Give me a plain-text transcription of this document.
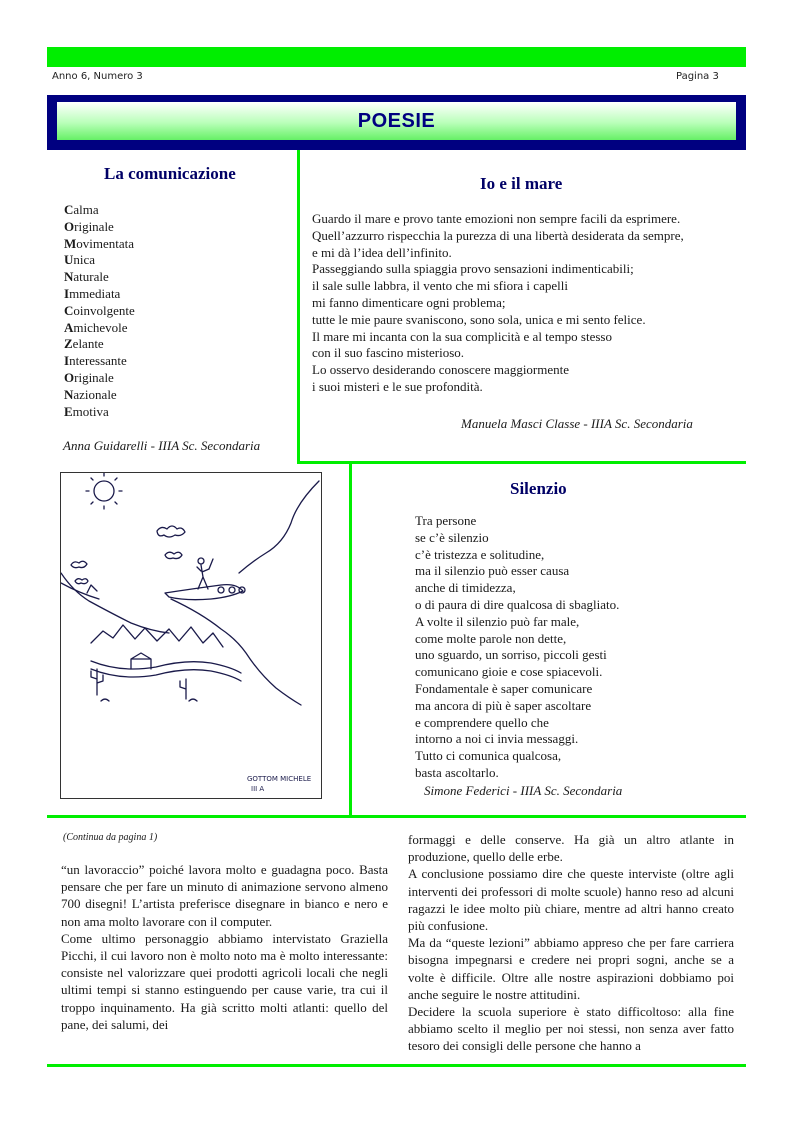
Anno 6, Numero 3	Pagina 3
POESIE
La comunicazione
Calma
Originale
Movimentata
Unica
Naturale
Immediata
Coinvolgente
Amichevole
Zelante
Interessante
Originale
Nazionale
Emotiva
Anna Guidarelli - IIIA Sc. Secondaria
Io e il mare
Guardo il mare e provo tante emozioni non sempre facili da esprimere.
Quell’azzurro rispecchia la purezza di una libertà desiderata da sempre,
e mi dà l’idea dell’infinito.
Passeggiando sulla spiaggia provo sensazioni indimenticabili;
il sale sulle labbra, il vento che mi sfiora i capelli
mi fanno dimenticare ogni problema;
tutte le mie paure svaniscono, sono sola, unica e mi sento felice.
Il mare mi incanta con la sua complicità e al tempo stesso
con il suo fascino misterioso.
Lo osservo desiderando conoscere maggiormente
i suoi misteri e le sue profondità.
Manuela Masci Classe - IIIA Sc. Secondaria
GOTTOM MICHELE
III A
Silenzio
Tra persone
se c’è silenzio
c’è tristezza e solitudine,
ma il silenzio può esser causa
anche di timidezza,
o di paura di dire qualcosa di sbagliato.
A volte il silenzio può far male,
come molte parole non dette,
uno sguardo, un sorriso, piccoli gesti
comunicano gioie e cose spiacevoli.
Fondamentale è saper comunicare
ma ancora di più è saper ascoltare
e comprendere quello che
intorno a noi ci invia messaggi.
Tutto ci comunica qualcosa,
basta ascoltarlo.
Simone Federici - IIIA Sc. Secondaria
(Continua da pagina 1)

“un lavoraccio” poiché lavora molto e guadagna poco. Basta pensare che per fare un minuto di animazione servono almeno 700 disegni! L’artista preferisce disegnare in bianco e nero e non ama molto lavorare con il computer.

Come ultimo personaggio abbiamo intervistato Graziella Picchi, il cui lavoro non è molto noto ma è molto interessante: consiste nel valorizzare quei prodotti agricoli locali che negli ultimi tempi si stanno estinguendo per cause varie, tra cui il troppo inquinamento. Ha già scritto molti atlanti: quello del pane, dei salumi, dei

formaggi e delle conserve. Ha già un altro atlante in produzione, quello delle erbe.

A conclusione possiamo dire che queste interviste (oltre agli interventi dei professori di molte scuole) hanno reso ad alcuni ragazzi le idee molto più chiare, mentre ad altri hanno creato più confusione.

Ma da “queste lezioni” abbiamo appreso che per fare carriera bisogna impegnarsi e credere nei propri sogni, anche se a volte è difficile. Oltre alle nostre aspirazioni dobbiamo poi anche seguire le nostre attitudini.

Decidere la scuola superiore è stato difficoltoso: alla fine abbiamo scelto il meglio per noi stessi, non senza aver fatto tesoro dei consigli delle persone che hanno a
